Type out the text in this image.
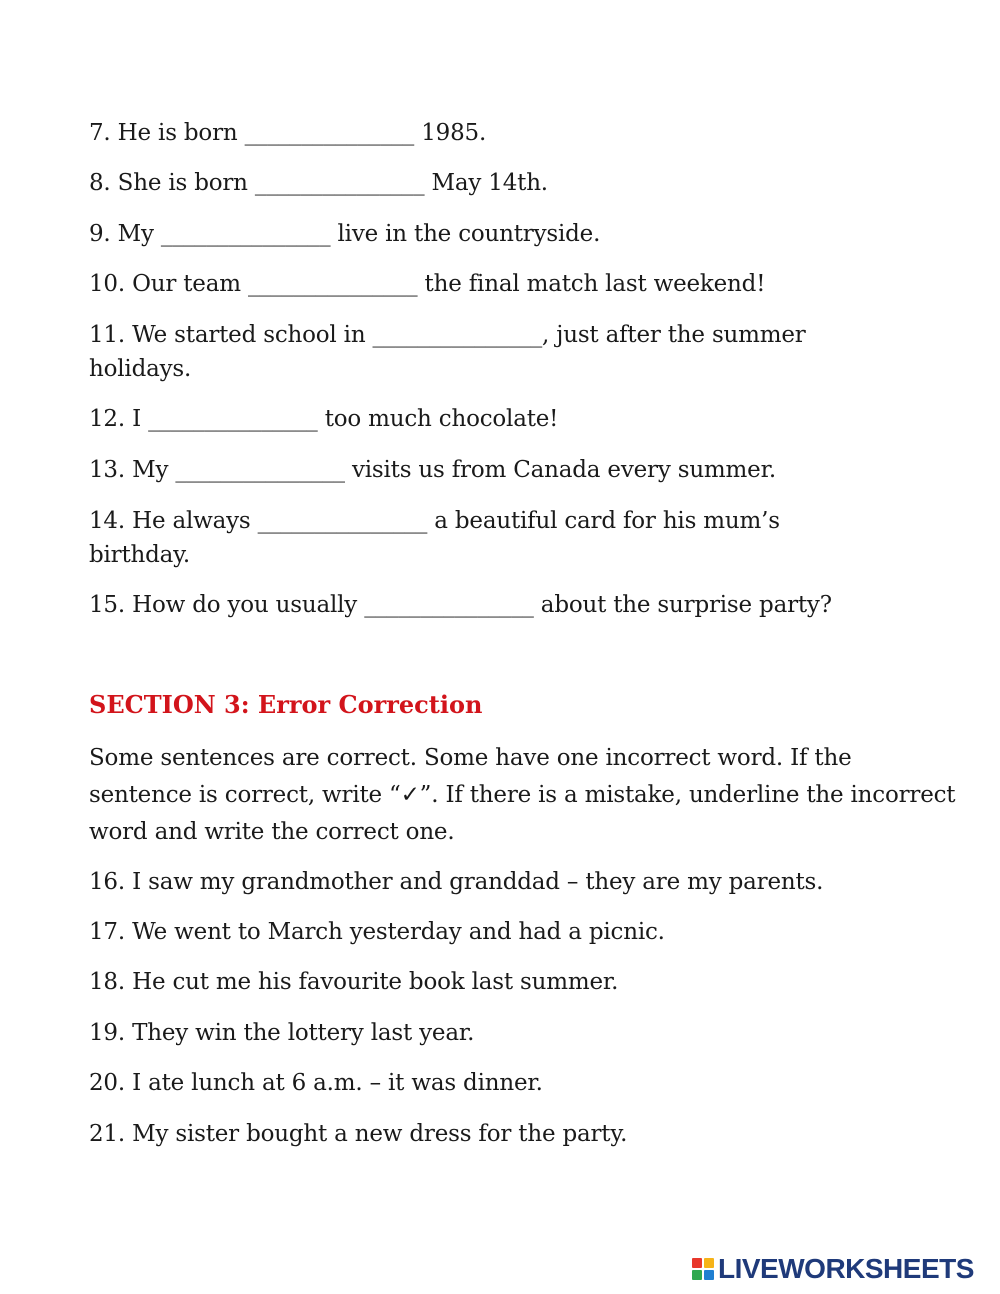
7. He is born _______________ 1985.
8. She is born _______________ May 14th.
9. My _______________ live in the countryside.
10. Our team _______________ the final match last weekend!
11. We started school in _______________, just after the summer holidays.
12. I _______________ too much chocolate!
13. My _______________ visits us from Canada every summer.
14. He always _______________ a beautiful card for his mum’s birthday.
15. How do you usually _______________ about the surprise party?
SECTION 3: Error Correction
Some sentences are correct. Some have one incorrect word. If the sentence is correct, write “✓”. If there is a mistake, underline the incorrect word and write the correct one.
16. I saw my grandmother and granddad – they are my parents.
17. We went to March yesterday and had a picnic.
18. He cut me his favourite book last summer.
19. They win the lottery last year.
20. I ate lunch at 6 a.m. – it was dinner.
21. My sister bought a new dress for the party.
LIVEWORKSHEETS
